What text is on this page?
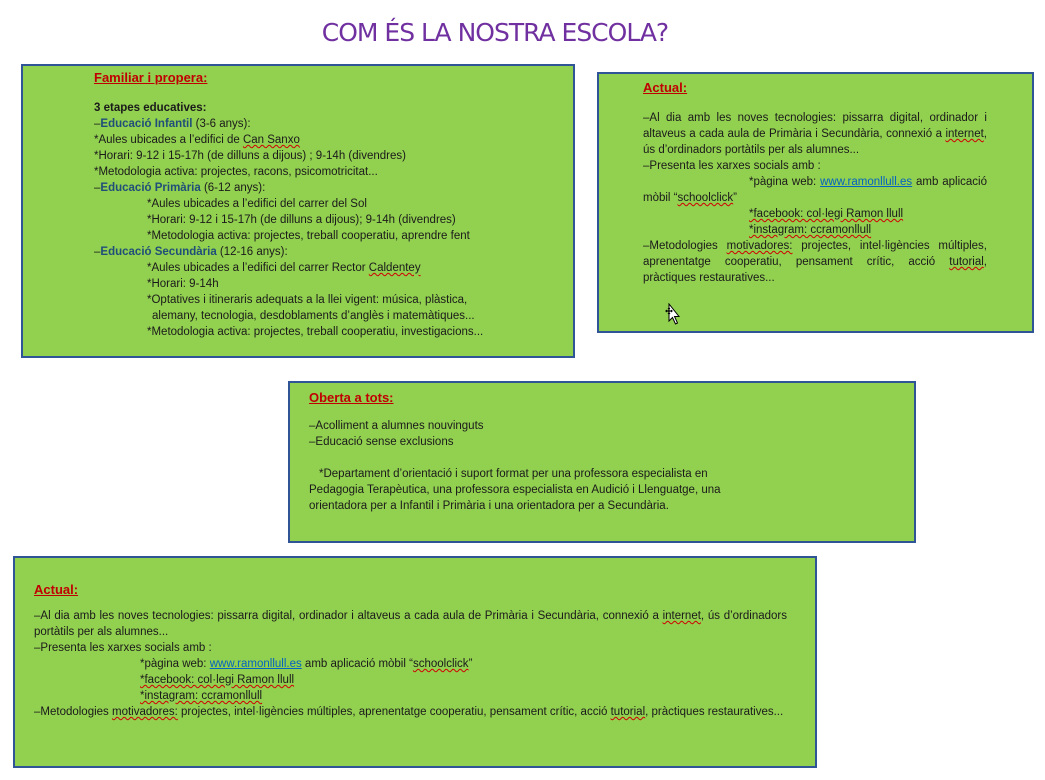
COM ÉS LA NOSTRA ESCOLA?

Familiar i propera:

3 etapes educatives:

–Educació Infantil (3-6 anys):

*Aules ubicades a l’edifici de Can Sanxo

*Horari: 9-12 i 15-17h (de dilluns a dijous) ; 9-14h (divendres)

*Metodologia activa: projectes, racons, psicomotricitat...

–Educació Primària (6-12 anys):

*Aules ubicades a l’edifici del carrer del Sol

*Horari: 9-12 i 15-17h (de dilluns a dijous); 9-14h (divendres)

*Metodologia activa: projectes, treball cooperatiu, aprendre fent

–Educació Secundària (12-16 anys):

*Aules ubicades a l’edifici del carrer Rector Caldentey

*Horari: 9-14h

*Optatives i itineraris adequats a la llei vigent: música, plàstica,

alemany, tecnologia, desdoblaments d’anglès i matemàtiques...

*Metodologia activa: projectes, treball cooperatiu, investigacions...

Actual:

–Al dia amb les noves tecnologies: pissarra digital, ordinador i altaveus a cada aula de Primària i Secundària, connexió a internet, ús d’ordinadors portàtils per als alumnes...

–Presenta les xarxes socials amb :

*pàgina web: www.ramonllull.es amb aplicació mòbil “schoolclick”

*facebook: col·legi Ramon llull

*instagram: ccramonllull

–Metodologies motivadores: projectes, intel·ligències múltiples, aprenentatge cooperatiu, pensament crític, acció tutorial, pràctiques restauratives...

Oberta a tots:

–Acolliment a alumnes nouvinguts

–Educació sense exclusions

*Departament d’orientació i suport format per una professora especialista en

Pedagogia Terapèutica, una professora especialista en Audició i Llenguatge, una

orientadora per a Infantil i Primària i una orientadora per a Secundària.

Actual:

–Al dia amb les noves tecnologies: pissarra digital, ordinador i altaveus a cada aula de Primària i Secundària, connexió a internet, ús d’ordinadors portàtils per als alumnes...

–Presenta les xarxes socials amb :

*pàgina web: www.ramonllull.es amb aplicació mòbil “schoolclick”

*facebook: col·legi Ramon llull

*instagram: ccramonllull

–Metodologies motivadores: projectes, intel·ligències múltiples, aprenentatge cooperatiu, pensament crític, acció tutorial, pràctiques restauratives...
